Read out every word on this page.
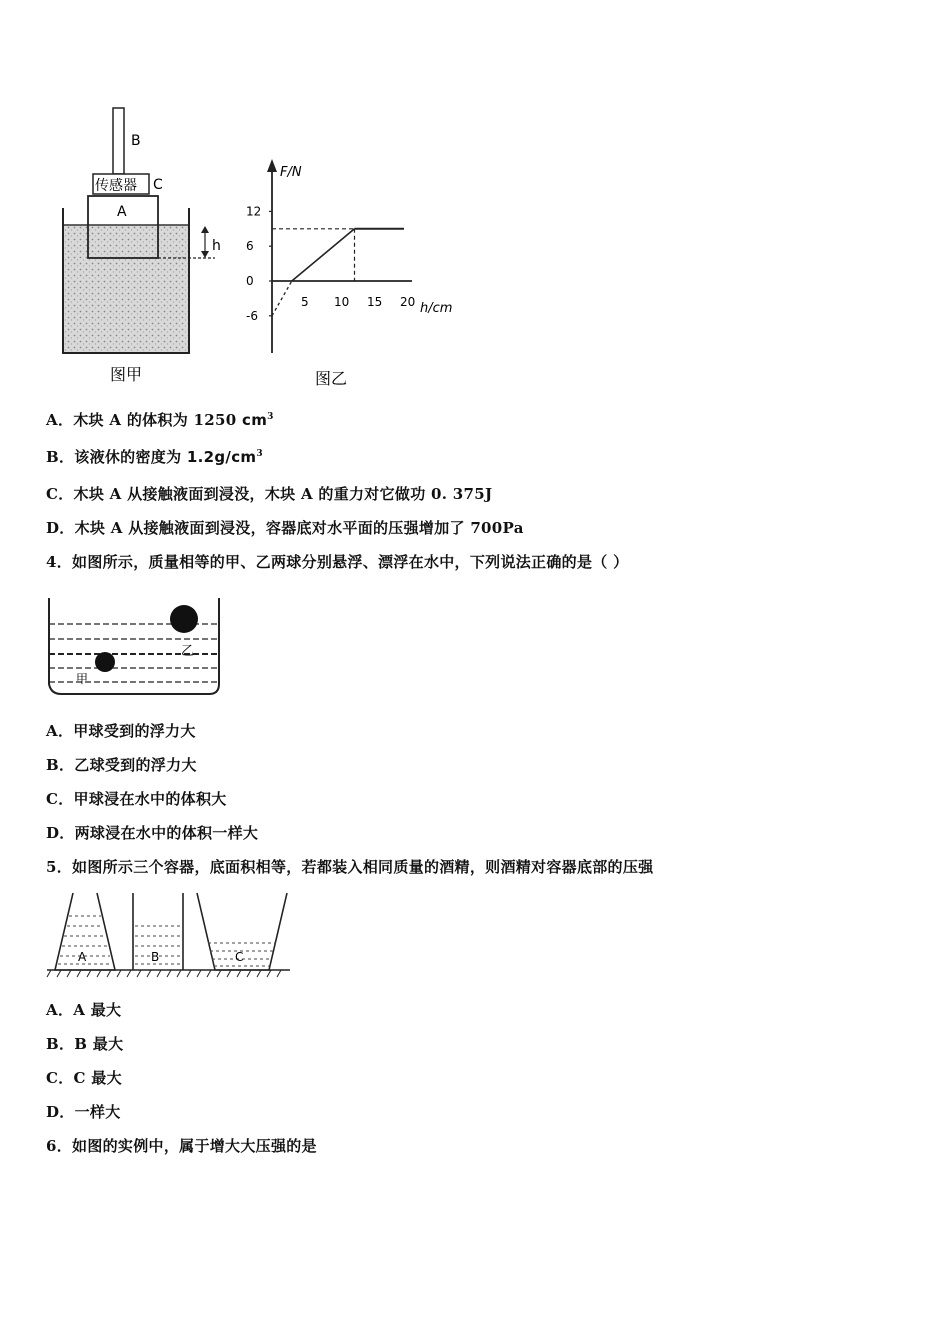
B
传感器 C
A
h
图甲
F/N
h/cm
5 10 15 20
12
6
0
-6
图乙
A．木块 A 的体积为 1250 $cm^3$
B．该液休的密度为 $1.2g/cm^3$
C．木块 A 从接触液面到浸没，木块 A 的重力对它做功 0. 375J
D．木块 A 从接触液面到浸没，容器底对水平面的压强增加了 700Pa
4．如图所示，质量相等的甲、乙两球分别悬浮、漂浮在水中，下列说法正确的是（ ）
乙
甲
A．甲球受到的浮力大
B．乙球受到的浮力大
C．甲球浸在水中的体积大
D．两球浸在水中的体积一样大
5．如图所示三个容器，底面积相等，若都装入相同质量的酒精，则酒精对容器底部的压强
A	B	C
A．A 最大
B．B 最大
C．C 最大
D．一样大
6．如图的实例中，属于增大大压强的是
